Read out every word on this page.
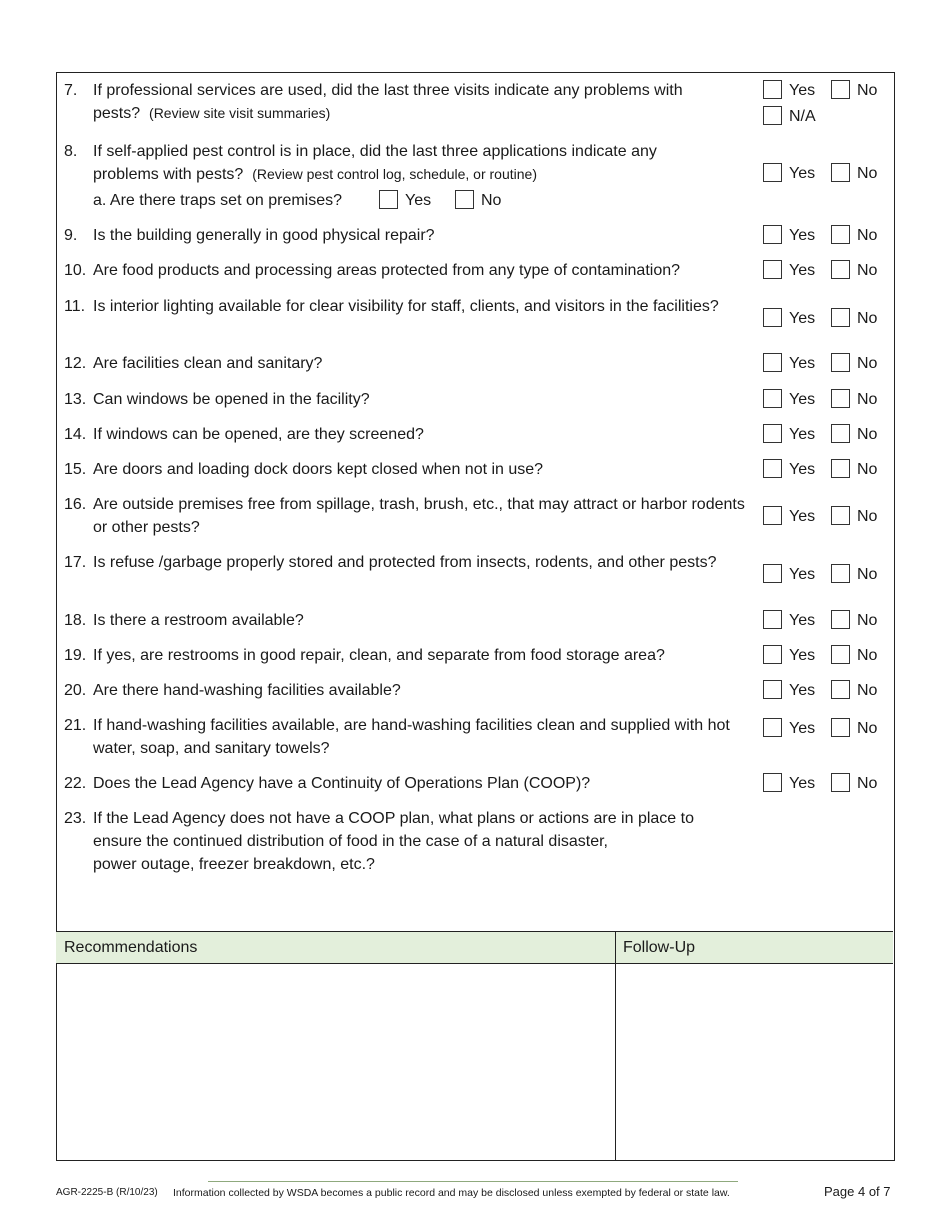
7. If professional services are used, did the last three visits indicate any problems with
pests? (Review site visit summaries)
Yes	No
N/A
8. If self-applied pest control is in place, did the last three applications indicate any
problems with pests? (Review pest control log, schedule, or routine)	Yes	No
a. Are there traps set on premises?	Yes	No
9. Is the building generally in good physical repair?	Yes	No
10. Are food products and processing areas protected from any type of contamination?	Yes	No
11. Is interior lighting available for clear visibility for staff, clients, and visitors in the facilities?
Yes	No
12. Are facilities clean and sanitary?	Yes	No
13. Can windows be opened in the facility?	Yes	No
14. If windows can be opened, are they screened?	Yes	No
15. Are doors and loading dock doors kept closed when not in use?	Yes	No
16. Are outside premises free from spillage, trash, brush, etc., that may attract or harbor rodents or other pests?
Yes	No
17. Is refuse /garbage properly stored and protected from insects, rodents, and other pests?
Yes	No
18. Is there a restroom available?	Yes	No
19. If yes, are restrooms in good repair, clean, and separate from food storage area?	Yes	No
20. Are there hand-washing facilities available?	Yes	No
21. If hand-washing facilities available, are hand-washing facilities clean and supplied with hot water, soap, and sanitary towels?
Yes	No
22. Does the Lead Agency have a Continuity of Operations Plan (COOP)?	Yes	No
23. If the Lead Agency does not have a COOP plan, what plans or actions are in place to
ensure the continued distribution of food in the case of a natural disaster,
power outage, freezer breakdown, etc.?
Recommendations	Follow-Up
AGR-2225-B (R/10/23) Information collected by WSDA becomes a public record and may be disclosed unless exempted by federal or state law.	Page 4 of 7
